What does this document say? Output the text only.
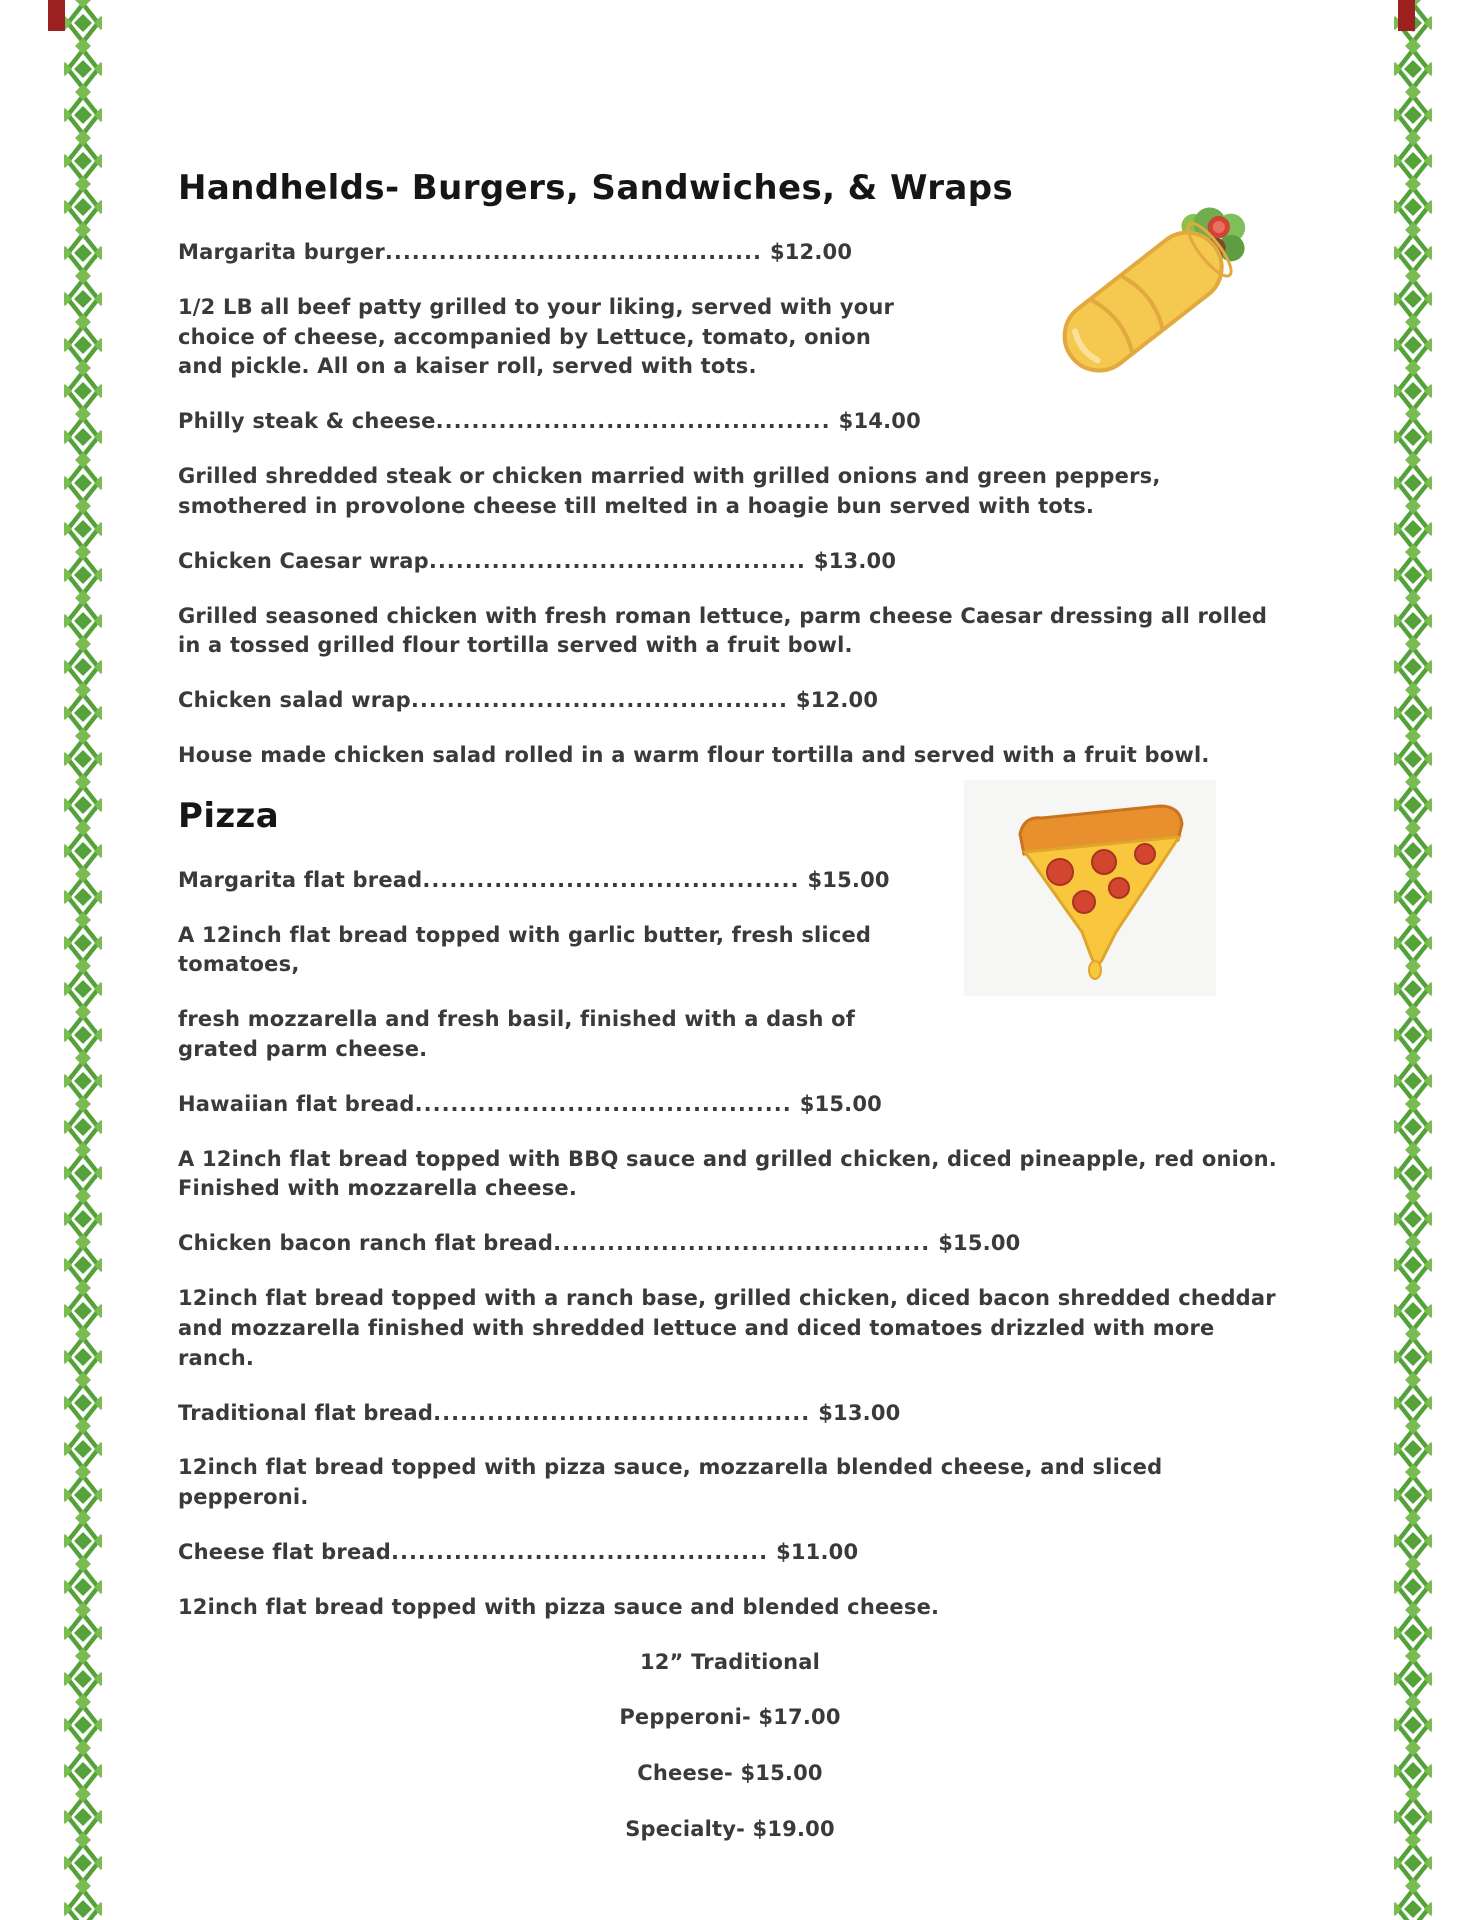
Handhelds- Burgers, Sandwiches, & Wraps

Margarita burger.......................................... $12.00

1/2 LB all beef patty grilled to your liking, served with your choice of cheese, accompanied by Lettuce, tomato, onion and pickle. All on a kaiser roll, served with tots.

Philly steak & cheese............................................ $14.00

Grilled shredded steak or chicken married with grilled onions and green peppers, smothered in provolone cheese till melted in a hoagie bun served with tots.

Chicken Caesar wrap.......................................... $13.00

Grilled seasoned chicken with fresh roman lettuce, parm cheese Caesar dressing all rolled in a tossed grilled flour tortilla served with a fruit bowl.

Chicken salad wrap.......................................... $12.00

House made chicken salad rolled in a warm flour tortilla and served with a fruit bowl.

Pizza

Margarita flat bread.......................................... $15.00

A 12inch flat bread topped with garlic butter, fresh sliced tomatoes,

fresh mozzarella and fresh basil, finished with a dash of grated parm cheese.

Hawaiian flat bread.......................................... $15.00

A 12inch flat bread topped with BBQ sauce and grilled chicken, diced pineapple, red onion. Finished with mozzarella cheese.

Chicken bacon ranch flat bread.......................................... $15.00

12inch flat bread topped with a ranch base, grilled chicken, diced bacon shredded cheddar and mozzarella finished with shredded lettuce and diced tomatoes drizzled with more ranch.

Traditional flat bread.......................................... $13.00

12inch flat bread topped with pizza sauce, mozzarella blended cheese, and sliced pepperoni.

Cheese flat bread.......................................... $11.00

12inch flat bread topped with pizza sauce and blended cheese.

12” Traditional

Pepperoni- $17.00

Cheese- $15.00

Specialty- $19.00
